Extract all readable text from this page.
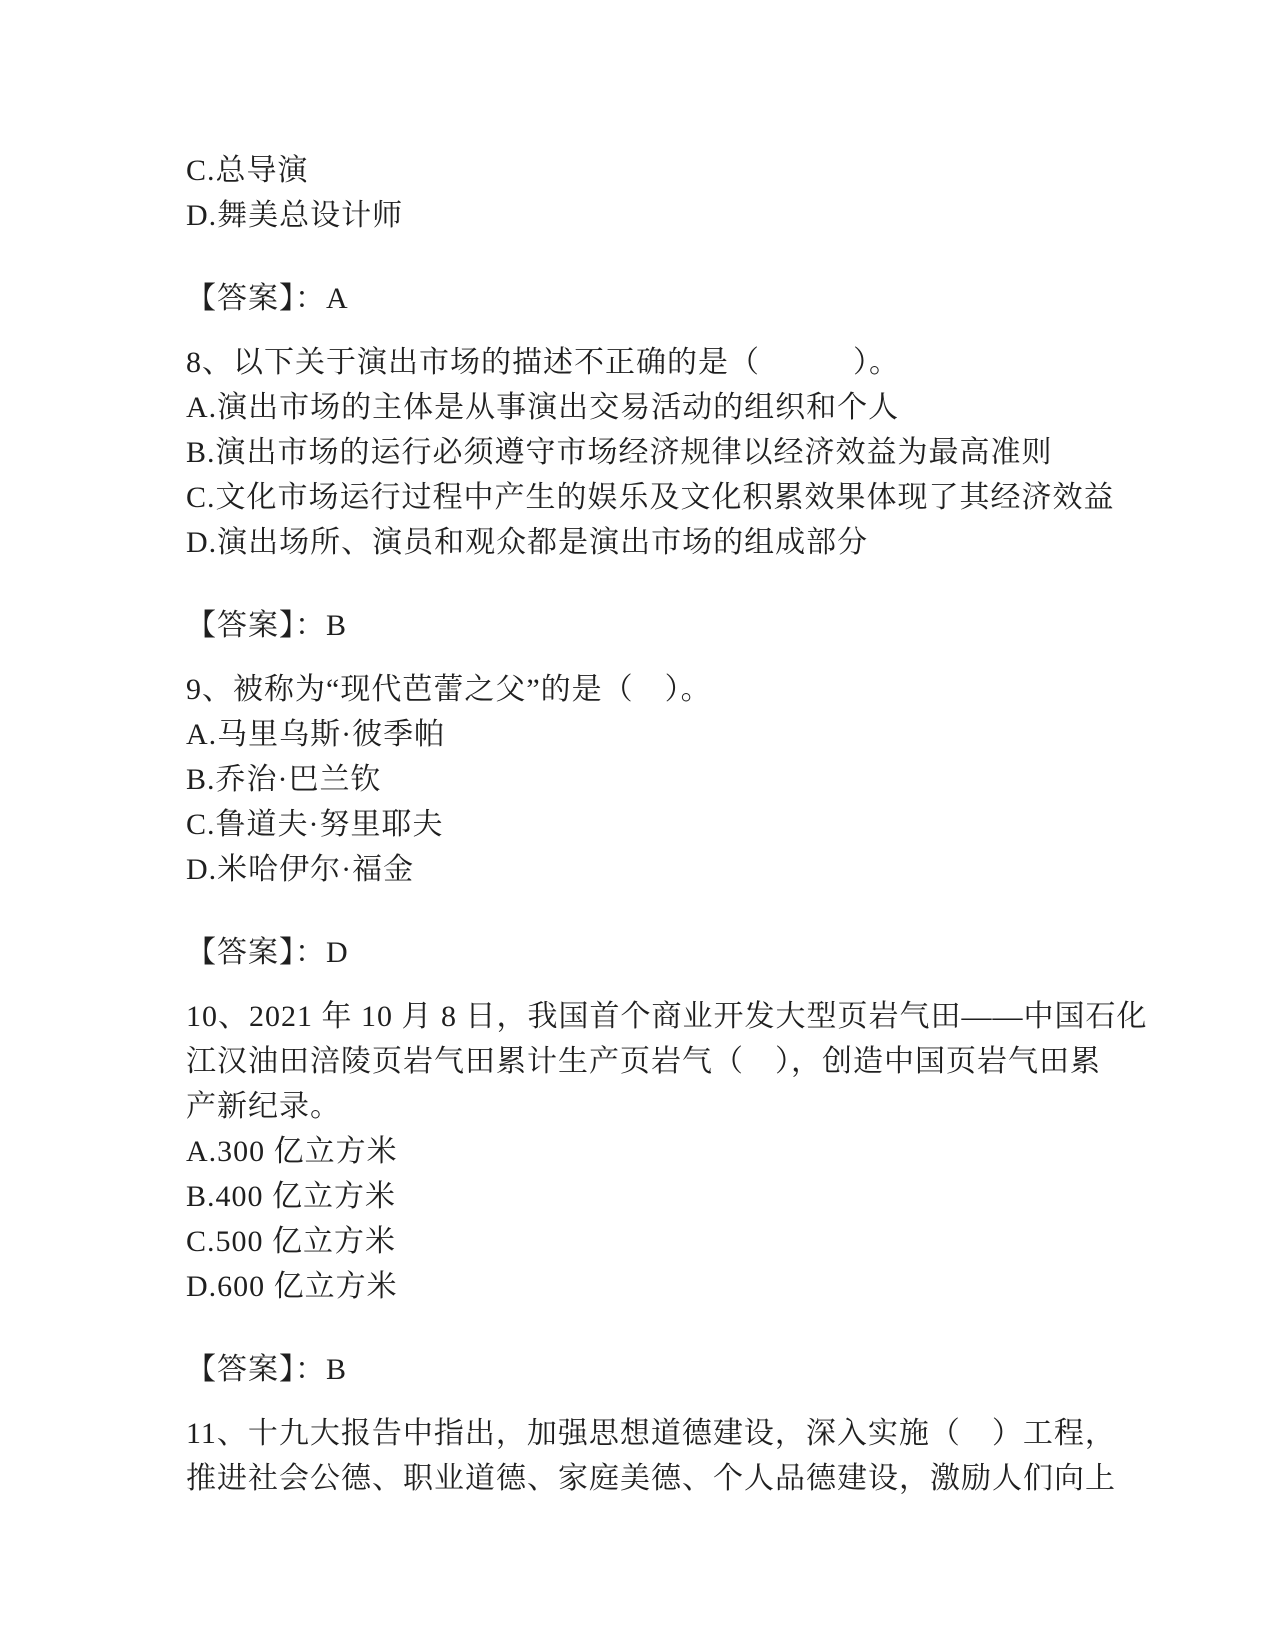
C.总导演
D.舞美总设计师
【答案】：A
8、以下关于演出市场的描述不正确的是（　　　）。
A.演出市场的主体是从事演出交易活动的组织和个人
B.演出市场的运行必须遵守市场经济规律以经济效益为最高准则
C.文化市场运行过程中产生的娱乐及文化积累效果体现了其经济效益
D.演出场所、演员和观众都是演出市场的组成部分
【答案】：B
9、被称为“现代芭蕾之父”的是（　）。
A.马里乌斯·彼季帕
B.乔治·巴兰钦
C.鲁道夫·努里耶夫
D.米哈伊尔·福金
【答案】：D
10、2021 年 10 月 8 日，我国首个商业开发大型页岩气田——中国石化
江汉油田涪陵页岩气田累计生产页岩气（　），创造中国页岩气田累
产新纪录。
A.300 亿立方米
B.400 亿立方米
C.500 亿立方米
D.600 亿立方米
【答案】：B
11、十九大报告中指出，加强思想道德建设，深入实施（　）工程，
推进社会公德、职业道德、家庭美德、个人品德建设，激励人们向上
